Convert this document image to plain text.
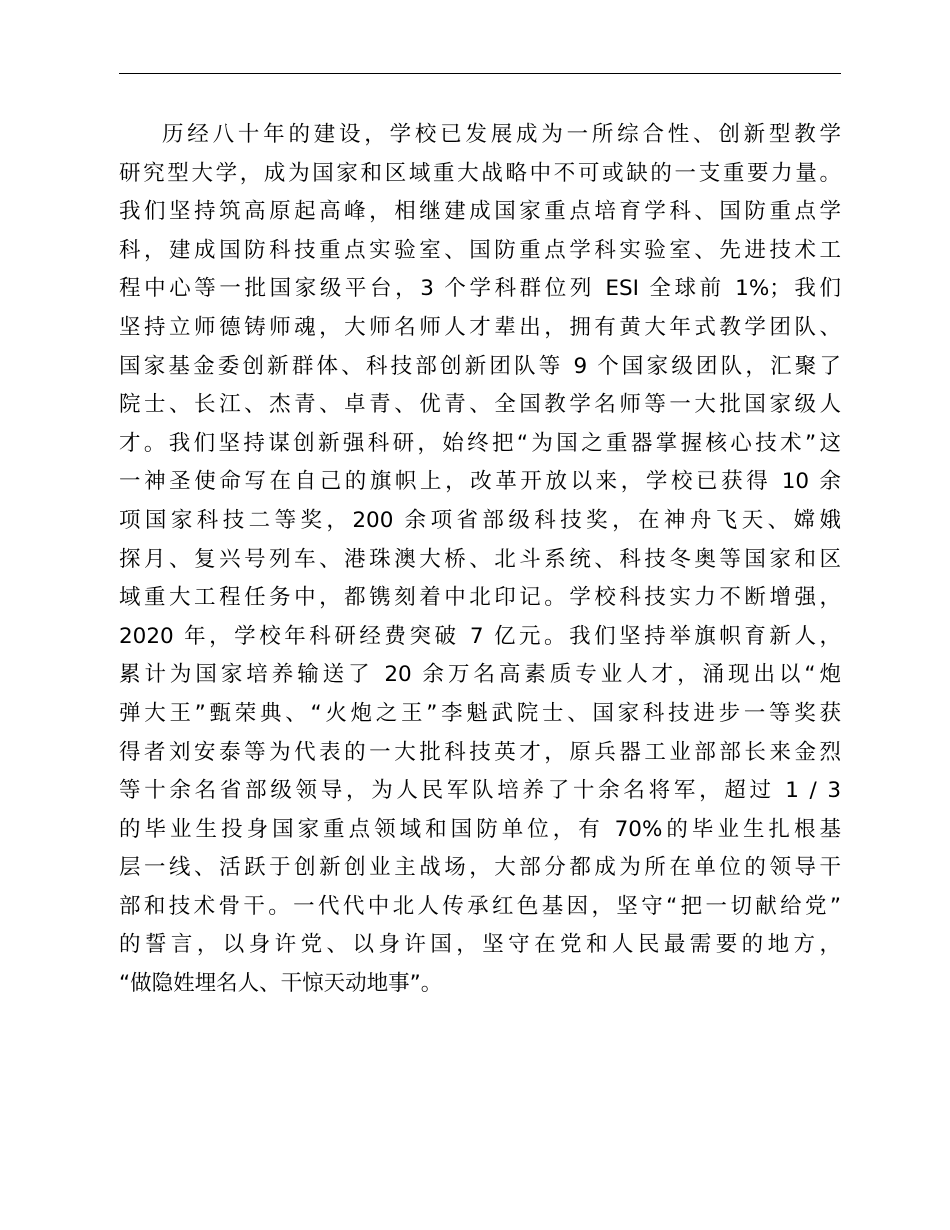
历经八十年的建设，学校已发展成为一所综合性、创新型教学
研究型大学，成为国家和区域重大战略中不可或缺的一支重要力量。
我们坚持筑高原起高峰，相继建成国家重点培育学科、国防重点学
科，建成国防科技重点实验室、国防重点学科实验室、先进技术工
程中心等一批国家级平台，3 个学科群位列 ESI 全球前 1%；我们
坚持立师德铸师魂，大师名师人才辈出，拥有黄大年式教学团队、
国家基金委创新群体、科技部创新团队等 9 个国家级团队，汇聚了
院士、长江、杰青、卓青、优青、全国教学名师等一大批国家级人
才。我们坚持谋创新强科研，始终把“为国之重器掌握核心技术”这
一神圣使命写在自己的旗帜上，改革开放以来，学校已获得 10 余
项国家科技二等奖，200 余项省部级科技奖，在神舟飞天、嫦娥
探月、复兴号列车、港珠澳大桥、北斗系统、科技冬奥等国家和区
域重大工程任务中，都镌刻着中北印记。学校科技实力不断增强，
2020 年，学校年科研经费突破 7 亿元。我们坚持举旗帜育新人，
累计为国家培养输送了 20 余万名高素质专业人才，涌现出以“炮
弹大王”甄荣典、“火炮之王”李魁武院士、国家科技进步一等奖获
得者刘安泰等为代表的一大批科技英才，原兵器工业部部长来金烈
等十余名省部级领导，为人民军队培养了十余名将军，超过 1 / 3
的毕业生投身国家重点领域和国防单位，有 70%的毕业生扎根基
层一线、活跃于创新创业主战场，大部分都成为所在单位的领导干
部和技术骨干。一代代中北人传承红色基因，坚守“把一切献给党”
的誓言，以身许党、以身许国，坚守在党和人民最需要的地方，
“做隐姓埋名人、干惊天动地事”。
